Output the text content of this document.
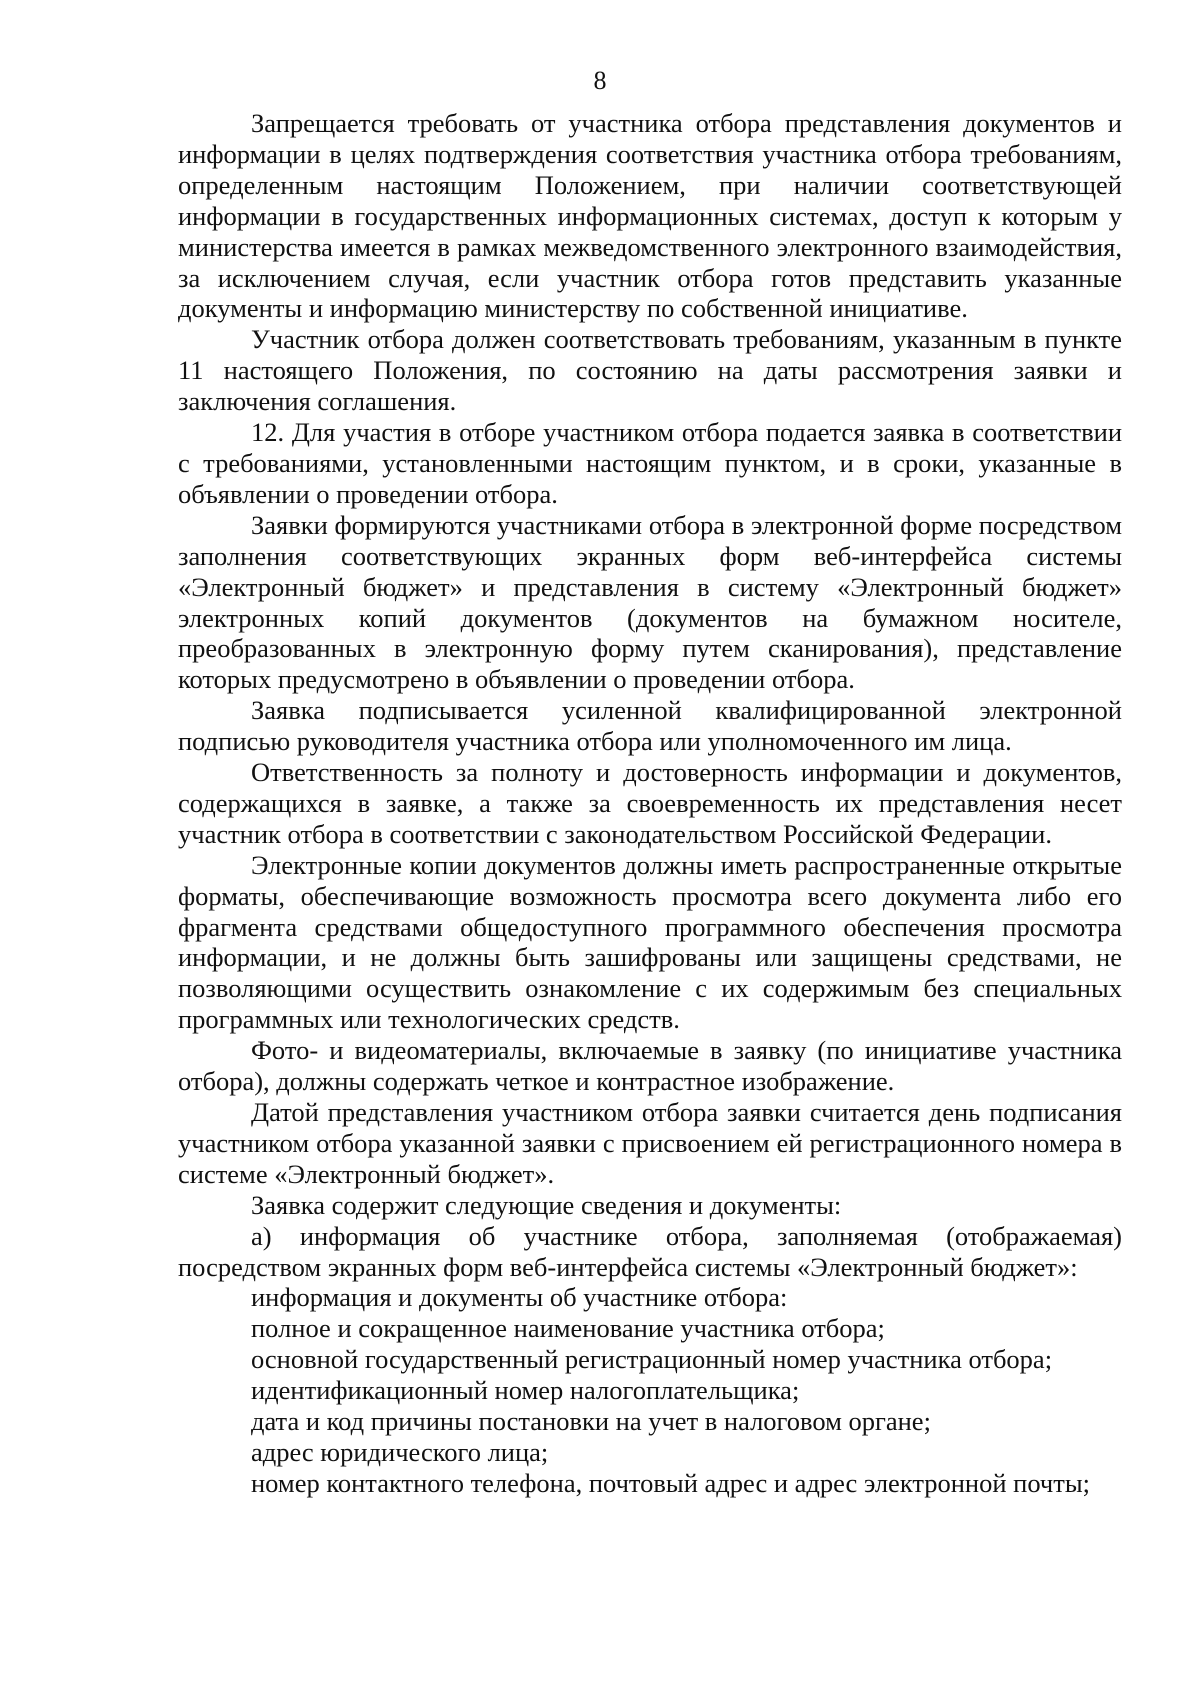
8

Запрещается требовать от участника отбора представления документов и информации в целях подтверждения соответствия участника отбора требованиям, определенным настоящим Положением, при наличии соответствующей информации в государственных информационных системах, доступ к которым у министерства имеется в рамках межведомственного электронного взаимодействия, за исключением случая, если участник отбора готов представить указанные документы и информацию министерству по собственной инициативе.

Участник отбора должен соответствовать требованиям, указанным в пункте 11 настоящего Положения, по состоянию на даты рассмотрения заявки и заключения соглашения.

12. Для участия в отборе участником отбора подается заявка в соответствии с требованиями, установленными настоящим пунктом, и в сроки, указанные в объявлении о проведении отбора.

Заявки формируются участниками отбора в электронной форме посредством заполнения соответствующих экранных форм веб-интерфейса системы «Электронный бюджет» и представления в систему «Электронный бюджет» электронных копий документов (документов на бумажном носителе, преобразованных в электронную форму путем сканирования), представление которых предусмотрено в объявлении о проведении отбора.

Заявка подписывается усиленной квалифицированной электронной подписью руководителя участника отбора или уполномоченного им лица.

Ответственность за полноту и достоверность информации и документов, содержащихся в заявке, а также за своевременность их представления несет участник отбора в соответствии с законодательством Российской Федерации.

Электронные копии документов должны иметь распространенные открытые форматы, обеспечивающие возможность просмотра всего документа либо его фрагмента средствами общедоступного программного обеспечения просмотра информации, и не должны быть зашифрованы или защищены средствами, не позволяющими осуществить ознакомление с их содержимым без специальных программных или технологических средств.

Фото- и видеоматериалы, включаемые в заявку (по инициативе участника отбора), должны содержать четкое и контрастное изображение.

Датой представления участником отбора заявки считается день подписания участником отбора указанной заявки с присвоением ей регистрационного номера в системе «Электронный бюджет».

Заявка содержит следующие сведения и документы:

а) информация об участнике отбора, заполняемая (отображаемая) посредством экранных форм веб-интерфейса системы «Электронный бюджет»:

информация и документы об участнике отбора:

полное и сокращенное наименование участника отбора;

основной государственный регистрационный номер участника отбора;

идентификационный номер налогоплательщика;

дата и код причины постановки на учет в налоговом органе;

адрес юридического лица;

номер контактного телефона, почтовый адрес и адрес электронной почты;
